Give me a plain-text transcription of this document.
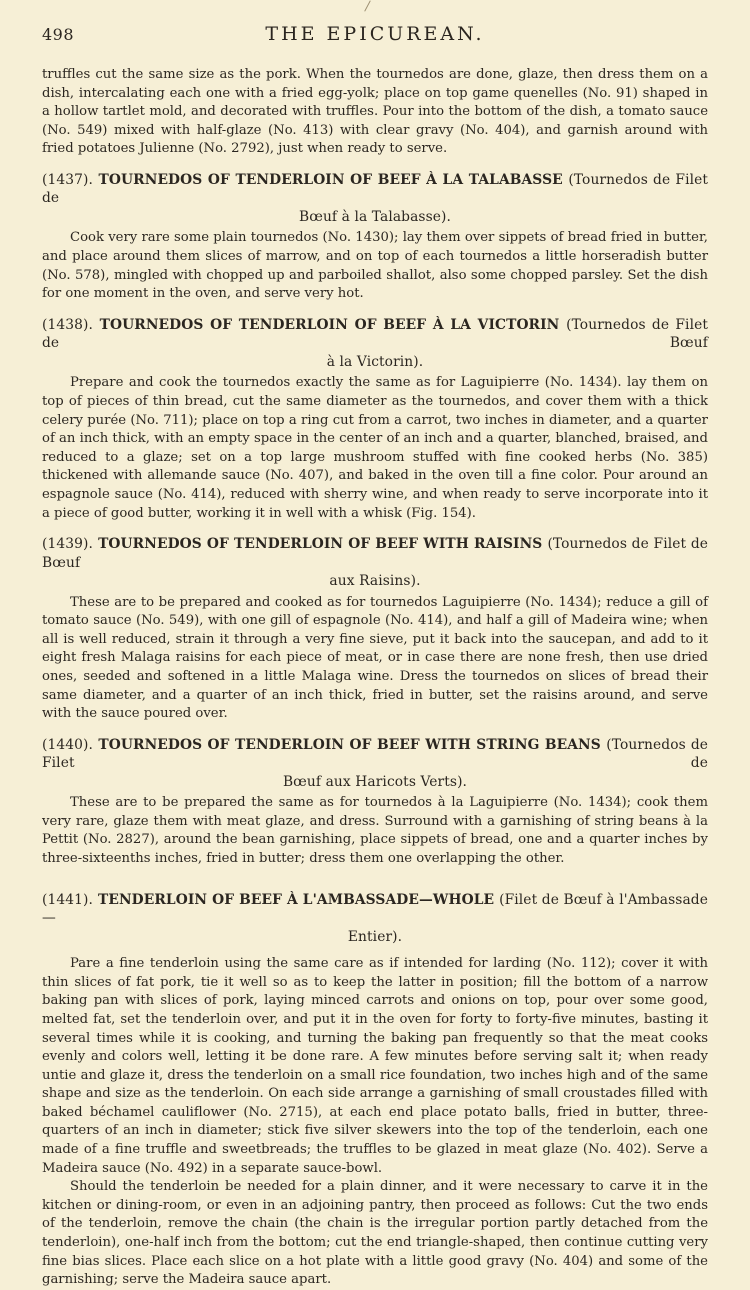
498	THE EPICUREAN.

truffles cut the same size as the pork. When the tournedos are done, glaze, then dress them on a dish, intercalating each one with a fried egg-yolk; place on top game quenelles (No. 91) shaped in a hollow tartlet mold, and decorated with truffles. Pour into the bottom of the dish, a tomato sauce (No. 549) mixed with half-glaze (No. 413) with clear gravy (No. 404), and garnish around with fried potatoes Julienne (No. 2792), just when ready to serve.

(1437). TOURNEDOS OF TENDERLOIN OF BEEF À LA TALABASSE (Tournedos de Filet de
Bœuf à la Talabasse).

Cook very rare some plain tournedos (No. 1430); lay them over sippets of bread fried in butter, and place around them slices of marrow, and on top of each tournedos a little horseradish butter (No. 578), mingled with chopped up and parboiled shallot, also some chopped parsley. Set the dish for one moment in the oven, and serve very hot.

(1438). TOURNEDOS OF TENDERLOIN OF BEEF À LA VICTORIN (Tournedos de Filet de Bœuf
à la Victorin).

Prepare and cook the tournedos exactly the same as for Laguipierre (No. 1434). lay them on top of pieces of thin bread, cut the same diameter as the tournedos, and cover them with a thick celery purée (No. 711); place on top a ring cut from a carrot, two inches in diameter, and a quarter of an inch thick, with an empty space in the center of an inch and a quarter, blanched, braised, and reduced to a glaze; set on a top large mushroom stuffed with fine cooked herbs (No. 385) thickened with allemande sauce (No. 407), and baked in the oven till a fine color. Pour around an espagnole sauce (No. 414), reduced with sherry wine, and when ready to serve incorporate into it a piece of good butter, working it in well with a whisk (Fig. 154).

(1439). TOURNEDOS OF TENDERLOIN OF BEEF WITH RAISINS (Tournedos de Filet de Bœuf
aux Raisins).

These are to be prepared and cooked as for tournedos Laguipierre (No. 1434); reduce a gill of tomato sauce (No. 549), with one gill of espagnole (No. 414), and half a gill of Madeira wine; when all is well reduced, strain it through a very fine sieve, put it back into the saucepan, and add to it eight fresh Malaga raisins for each piece of meat, or in case there are none fresh, then use dried ones, seeded and softened in a little Malaga wine. Dress the tournedos on slices of bread their same diameter, and a quarter of an inch thick, fried in butter, set the raisins around, and serve with the sauce poured over.

(1440). TOURNEDOS OF TENDERLOIN OF BEEF WITH STRING BEANS (Tournedos de Filet de
Bœuf aux Haricots Verts).

These are to be prepared the same as for tournedos à la Laguipierre (No. 1434); cook them very rare, glaze them with meat glaze, and dress. Surround with a garnishing of string beans à la Pettit (No. 2827), around the bean garnishing, place sippets of bread, one and a quarter inches by three-sixteenths inches, fried in butter; dress them one overlapping the other.

(1441). TENDERLOIN OF BEEF À L'AMBASSADE—WHOLE (Filet de Bœuf à l'Ambassade—
Entier).

Pare a fine tenderloin using the same care as if intended for larding (No. 112); cover it with thin slices of fat pork, tie it well so as to keep the latter in position; fill the bottom of a narrow baking pan with slices of pork, laying minced carrots and onions on top, pour over some good, melted fat, set the tenderloin over, and put it in the oven for forty to forty-five minutes, basting it several times while it is cooking, and turning the baking pan frequently so that the meat cooks evenly and colors well, letting it be done rare. A few minutes before serving salt it; when ready untie and glaze it, dress the tenderloin on a small rice foundation, two inches high and of the same shape and size as the tenderloin. On each side arrange a garnishing of small croustades filled with baked béchamel cauliflower (No. 2715), at each end place potato balls, fried in butter, three-quarters of an inch in diameter; stick five silver skewers into the top of the tenderloin, each one made of a fine truffle and sweetbreads; the truffles to be glazed in meat glaze (No. 402). Serve a Madeira sauce (No. 492) in a separate sauce-bowl.

Should the tenderloin be needed for a plain dinner, and it were necessary to carve it in the kitchen or dining-room, or even in an adjoining pantry, then proceed as follows: Cut the two ends of the tenderloin, remove the chain (the chain is the irregular portion partly detached from the tenderloin), one-half inch from the bottom; cut the end triangle-shaped, then continue cutting very fine bias slices. Place each slice on a hot plate with a little good gravy (No. 404) and some of the garnishing; serve the Madeira sauce apart.
